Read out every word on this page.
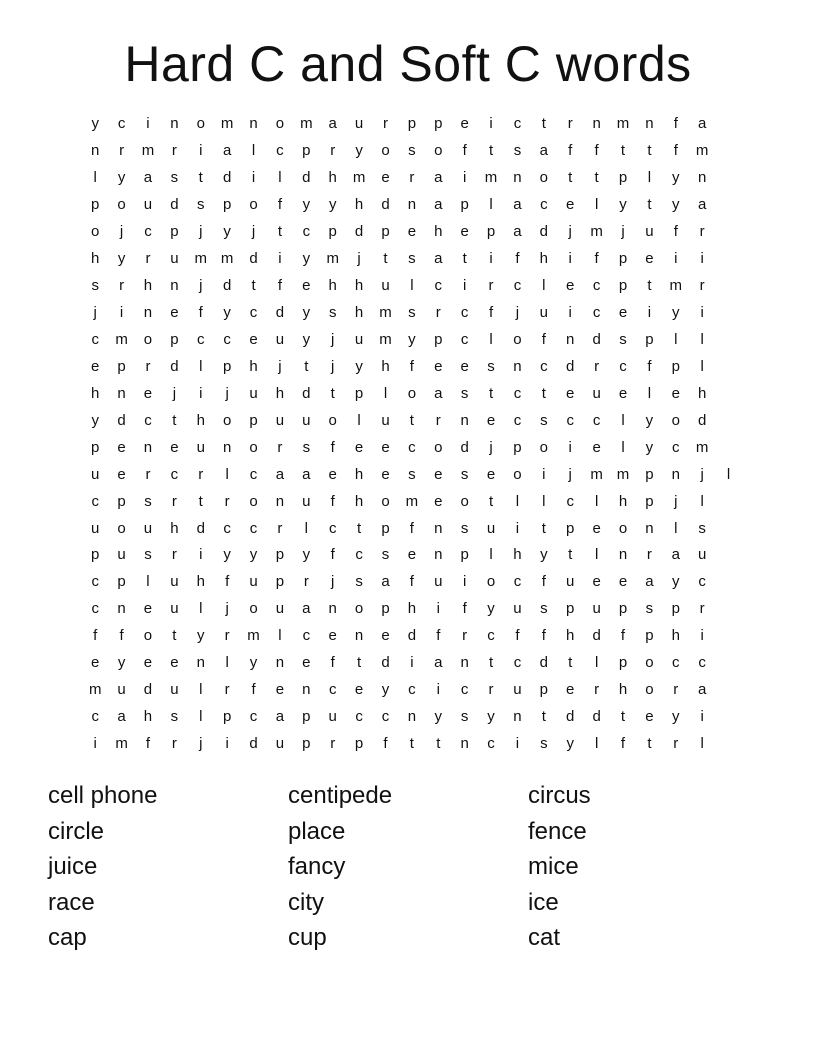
Hard C and Soft C words
y	c	i	n	o	m	n	o	m	a	u	r	p	p	e	i	c	t	r	n	m	n	f	a
n	r	m	r	i	a	l	c	p	r	y	o	s	o	f	t	s	a	f	f	t	t	f	m
l	y	a	s	t	d	i	l	d	h	m	e	r	a	i	m	n	o	t	t	p	l	y	n
p	o	u	d	s	p	o	f	y	y	h	d	n	a	p	l	a	c	e	l	y	t	y	a
o	j	c	p	j	y	j	t	c	p	d	p	e	h	e	p	a	d	j	m	j	u	f	r
h	y	r	u	m m	d	i	y	m	j	t	s	a	t	i	f	h	i	f	p	e	i	i
s	r	h	n	j	d	t	f	e	h	h	u	l	c	i	r	c	l	e	c	p	t	m	r
j	i	n	e	f	y	c	d	y	s	h	m	s	r	c	f	j	u	i	c	e	i	y	i
c	m	o	p	c	c	e	u	y	j	u	m	y	p	c	l	o	f	n	d	s	p	l	l
e	p	r	d	l	p	h	j	t	j	y	h	f	e	e	s	n	c	d	r	c	f	p	l
h	n	e	j	i	j	u	h	d	t	p	l	o	a	s	t	c	t	e	u	e	l	e	h
y	d	c	t	h	o	p	u	u	o	l	u	t	r	n	e	c	s	c	c	l	y	o	d
p	e	n	e	u	n	o	r	s	f	e	e	c	o	d	j	p	o	i	e	l	y	c	m
u	e	r	c	r	l	c	a	a	e	h	e	s	e	s	e	o	i	j	m m	p	n	j	l
c	p	s	r	t	r	o	n	u	f	h	o	m	e	o	t	l	l	c	l	h	p	j	l
u	o	u	h	d	c	c	r	l	c	t	p	f	n	s	u	i	t	p	e	o	n	l	s
p	u	s	r	i	y	y	p	y	f	c	s	e	n	p	l	h	y	t	l	n	r	a	u
c	p	l	u	h	f	u	p	r	j	s	a	f	u	i	o	c	f	u	e	e	a	y	c
c	n	e	u	l	j	o	u	a	n	o	p	h	i	f	y	u	s	p	u	p	s	p	r
f	f	o	t	y	r	m	l	c	e	n	e	d	f	r	c	f	f	h	d	f	p	h	i
e	y	e	e	n	l	y	n	e	f	t	d	i	a	n	t	c	d	t	l	p	o	c	c
m	u	d	u	l	r	f	e	n	c	e	y	c	i	c	r	u	p	e	r	h	o	r	a
c	a	h	s	l	p	c	a	p	u	c	c	n	y	s	y	n	t	d	d	t	e	y	i
i	m	f	r	j	i	d	u	p	r	p	f	t	t	n	c	i	s	y	l	f	t	r	l
cell phone	centipede	circus
circle	place	fence
juice	fancy	mice
race	city	ice
cap	cup	cat
